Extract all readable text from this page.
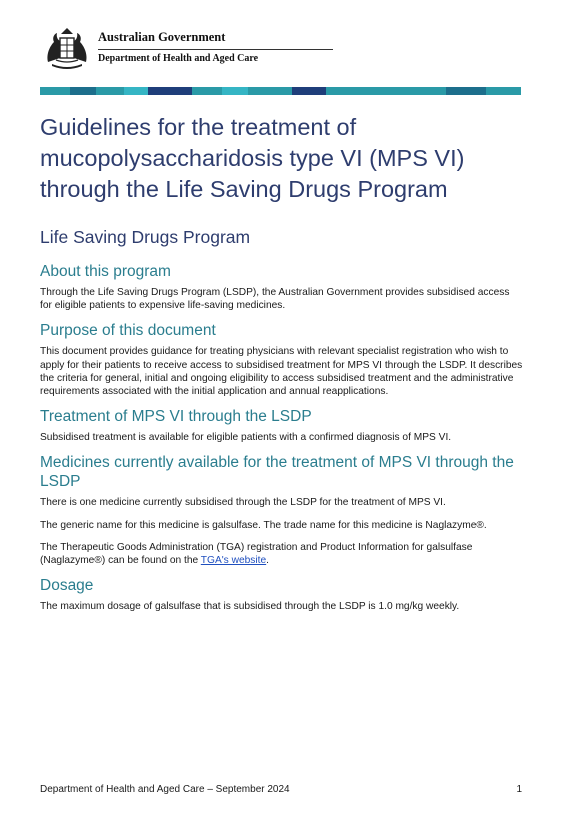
Australian Government
Department of Health and Aged Care
Guidelines for the treatment of mucopolysaccharidosis type VI (MPS VI) through the Life Saving Drugs Program
Life Saving Drugs Program
About this program

Through the Life Saving Drugs Program (LSDP), the Australian Government provides subsidised access for eligible patients to expensive life-saving medicines.

Purpose of this document

This document provides guidance for treating physicians with relevant specialist registration who wish to apply for their patients to receive access to subsidised treatment for MPS VI through the LSDP. It describes the criteria for general, initial and ongoing eligibility to access subsidised treatment and the administrative requirements associated with the initial application and annual reapplications.

Treatment of MPS VI through the LSDP

Subsidised treatment is available for eligible patients with a confirmed diagnosis of MPS VI.

Medicines currently available for the treatment of MPS VI through the LSDP

There is one medicine currently subsidised through the LSDP for the treatment of MPS VI.

The generic name for this medicine is galsulfase. The trade name for this medicine is Naglazyme®.

The Therapeutic Goods Administration (TGA) registration and Product Information for galsulfase (Naglazyme®) can be found on the TGA's website.

Dosage

The maximum dosage of galsulfase that is subsidised through the LSDP is 1.0 mg/kg weekly.

Department of Health and Aged Care – September 2024	1
